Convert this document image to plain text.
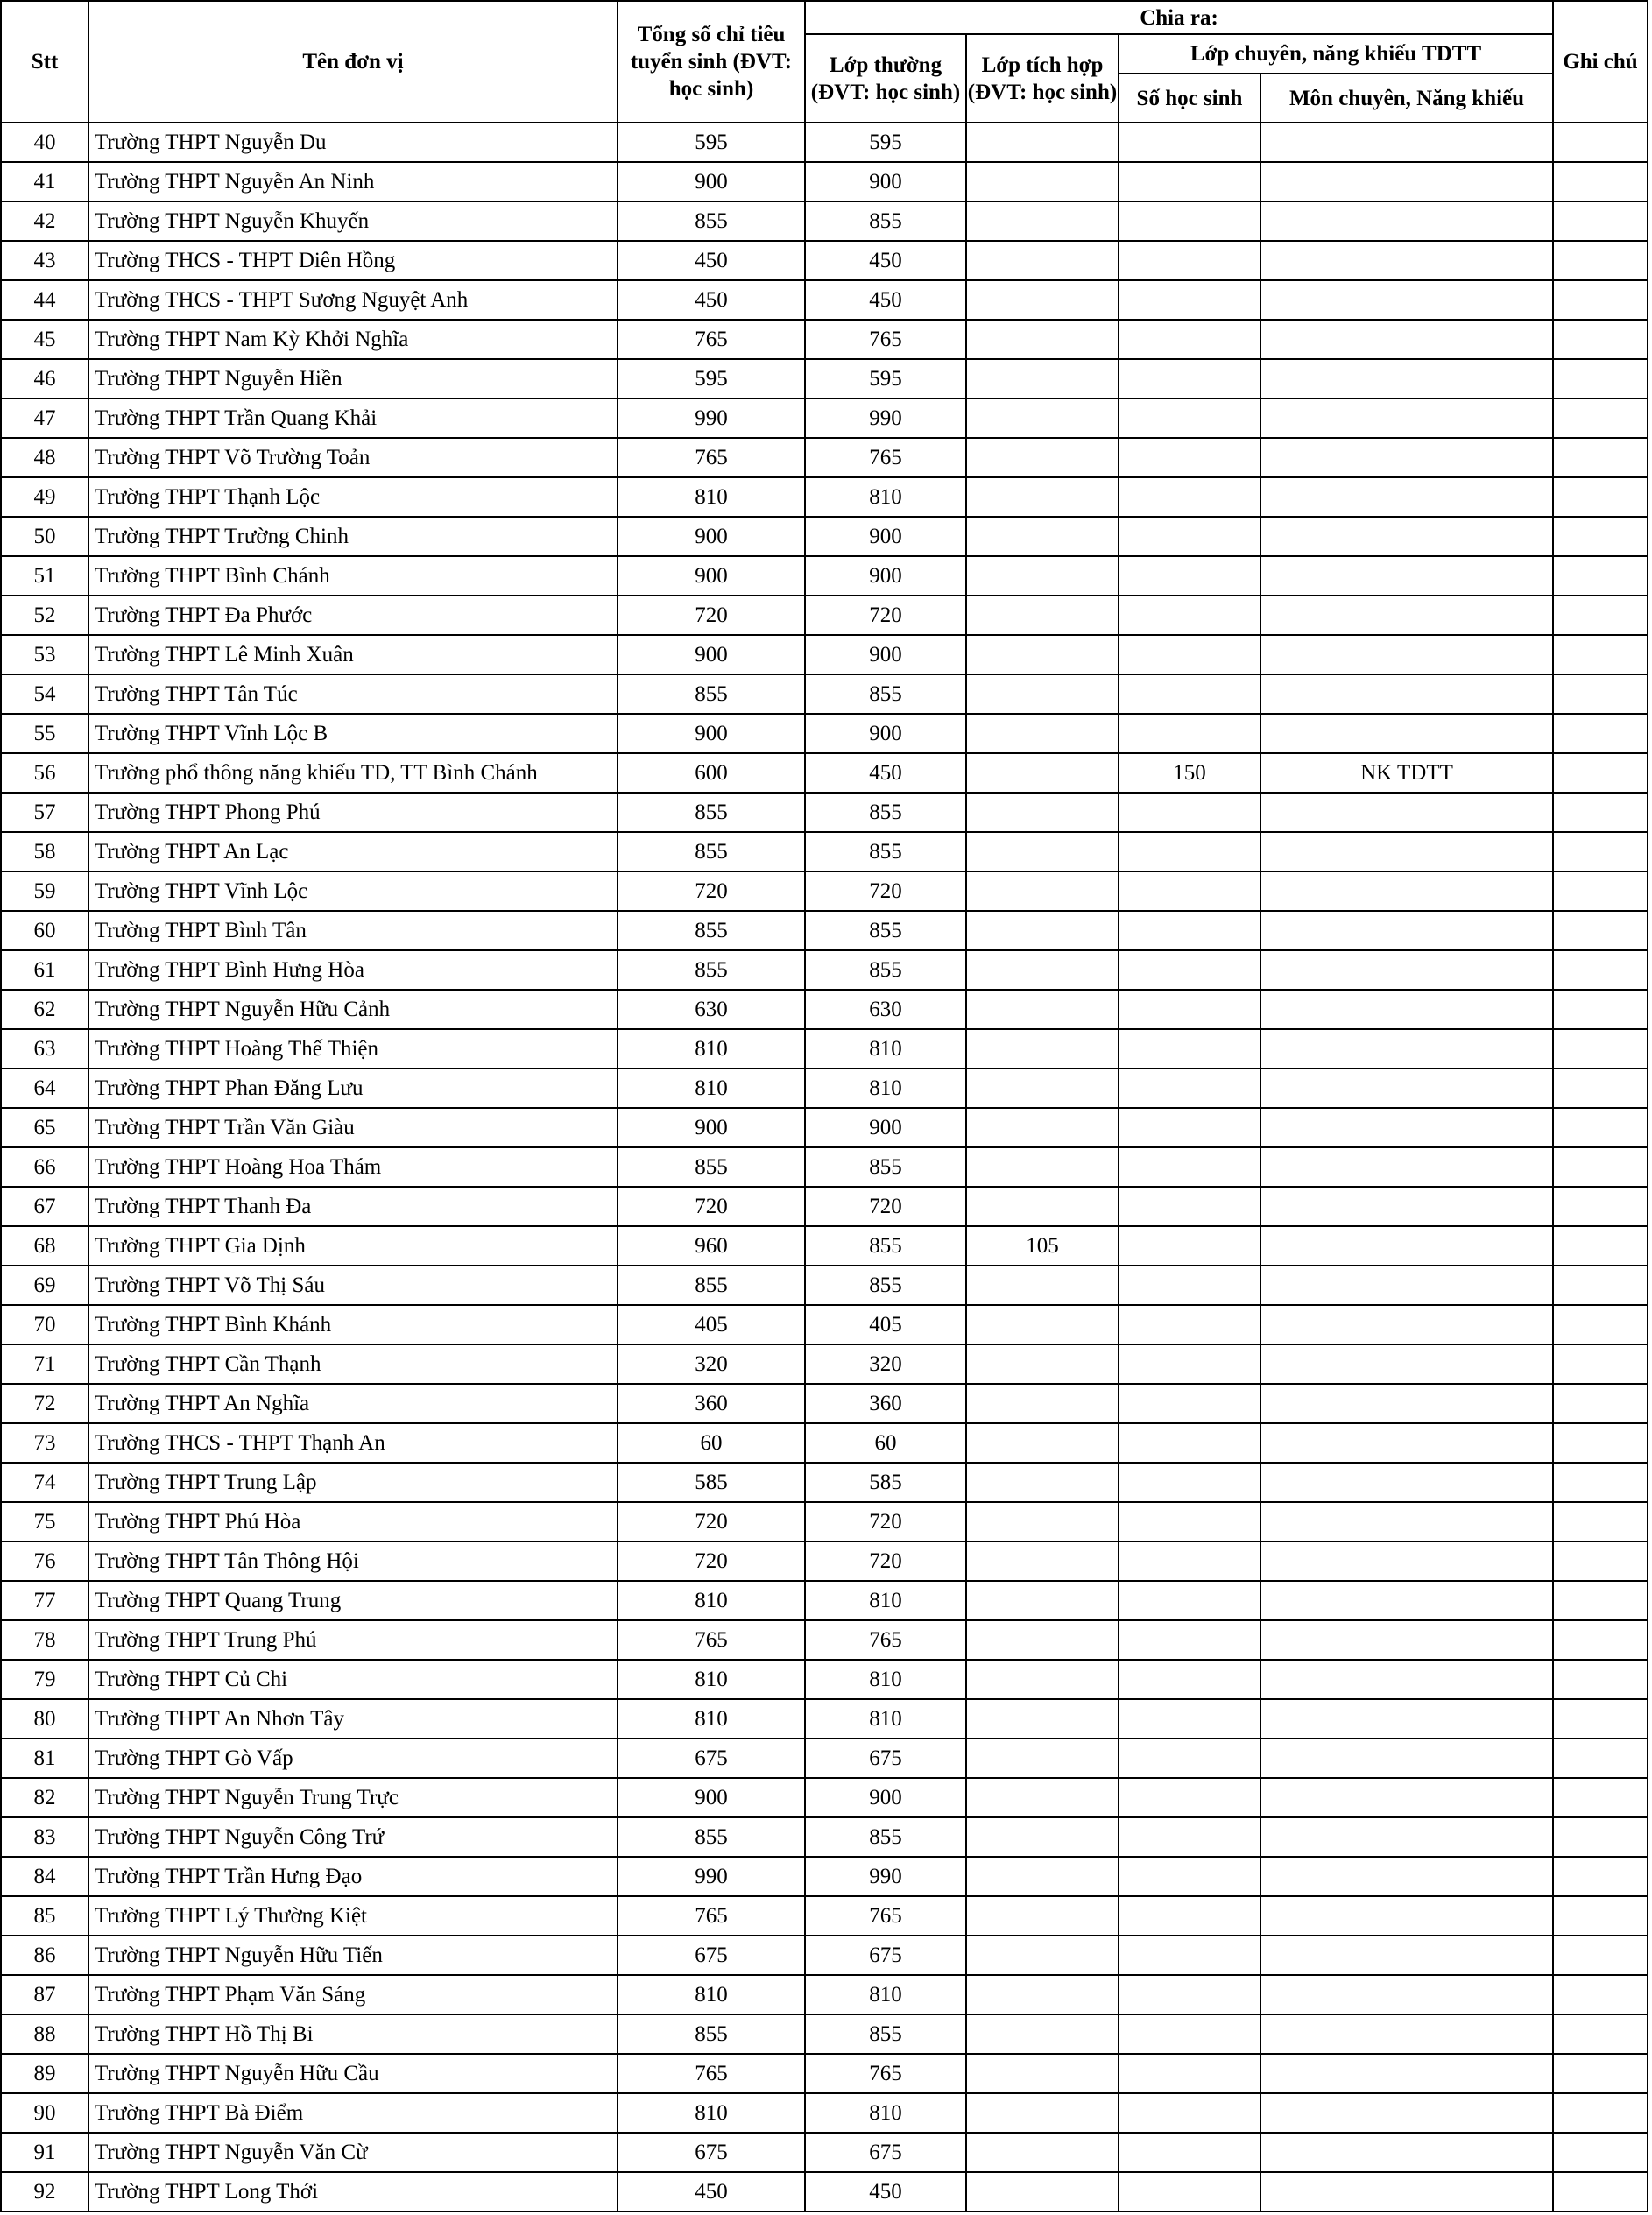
Stt	Tên đơn vị	Tổng số chỉ tiêu tuyển sinh (ĐVT: học sinh)	Chia ra:				Ghi chú
			Lớp thường (ĐVT: học sinh)	Lớp tích hợp (ĐVT: học sinh)	Lớp chuyên, năng khiếu TDTT		
					Số học sinh	Môn chuyên, Năng khiếu	
40	Trường THPT Nguyễn Du	595	595				
41	Trường THPT Nguyễn An Ninh	900	900				
42	Trường THPT Nguyễn Khuyến	855	855				
43	Trường THCS - THPT Diên Hồng	450	450				
44	Trường THCS - THPT Sương Nguyệt Anh	450	450				
45	Trường THPT Nam Kỳ Khởi Nghĩa	765	765				
46	Trường THPT Nguyễn Hiền	595	595				
47	Trường THPT Trần Quang Khải	990	990				
48	Trường THPT Võ Trường Toản	765	765				
49	Trường THPT Thạnh Lộc	810	810				
50	Trường THPT Trường Chinh	900	900				
51	Trường THPT Bình Chánh	900	900				
52	Trường THPT Đa Phước	720	720				
53	Trường THPT Lê Minh Xuân	900	900				
54	Trường THPT Tân Túc	855	855				
55	Trường THPT Vĩnh Lộc B	900	900				
56	Trường phổ thông năng khiếu TD, TT Bình Chánh	600	450		150	NK TDTT	
57	Trường THPT Phong Phú	855	855				
58	Trường THPT An Lạc	855	855				
59	Trường THPT Vĩnh Lộc	720	720				
60	Trường THPT Bình Tân	855	855				
61	Trường THPT Bình Hưng Hòa	855	855				
62	Trường THPT Nguyễn Hữu Cảnh	630	630				
63	Trường THPT Hoàng Thế Thiện	810	810				
64	Trường THPT Phan Đăng Lưu	810	810				
65	Trường THPT Trần Văn Giàu	900	900				
66	Trường THPT Hoàng Hoa Thám	855	855				
67	Trường THPT Thanh Đa	720	720				
68	Trường THPT Gia Định	960	855	105			
69	Trường THPT Võ Thị Sáu	855	855				
70	Trường THPT Bình Khánh	405	405				
71	Trường THPT Cần Thạnh	320	320				
72	Trường THPT An Nghĩa	360	360				
73	Trường THCS - THPT Thạnh An	60	60				
74	Trường THPT Trung Lập	585	585				
75	Trường THPT Phú Hòa	720	720				
76	Trường THPT Tân Thông Hội	720	720				
77	Trường THPT Quang Trung	810	810				
78	Trường THPT Trung Phú	765	765				
79	Trường THPT Củ Chi	810	810				
80	Trường THPT An Nhơn Tây	810	810				
81	Trường THPT Gò Vấp	675	675				
82	Trường THPT Nguyễn Trung Trực	900	900				
83	Trường THPT Nguyễn Công Trứ	855	855				
84	Trường THPT Trần Hưng Đạo	990	990				
85	Trường THPT Lý Thường Kiệt	765	765				
86	Trường THPT Nguyễn Hữu Tiến	675	675				
87	Trường THPT Phạm Văn Sáng	810	810				
88	Trường THPT Hồ Thị Bi	855	855				
89	Trường THPT Nguyễn Hữu Cầu	765	765				
90	Trường THPT Bà Điểm	810	810				
91	Trường THPT Nguyễn Văn Cừ	675	675				
92	Trường THPT Long Thới	450	450				
